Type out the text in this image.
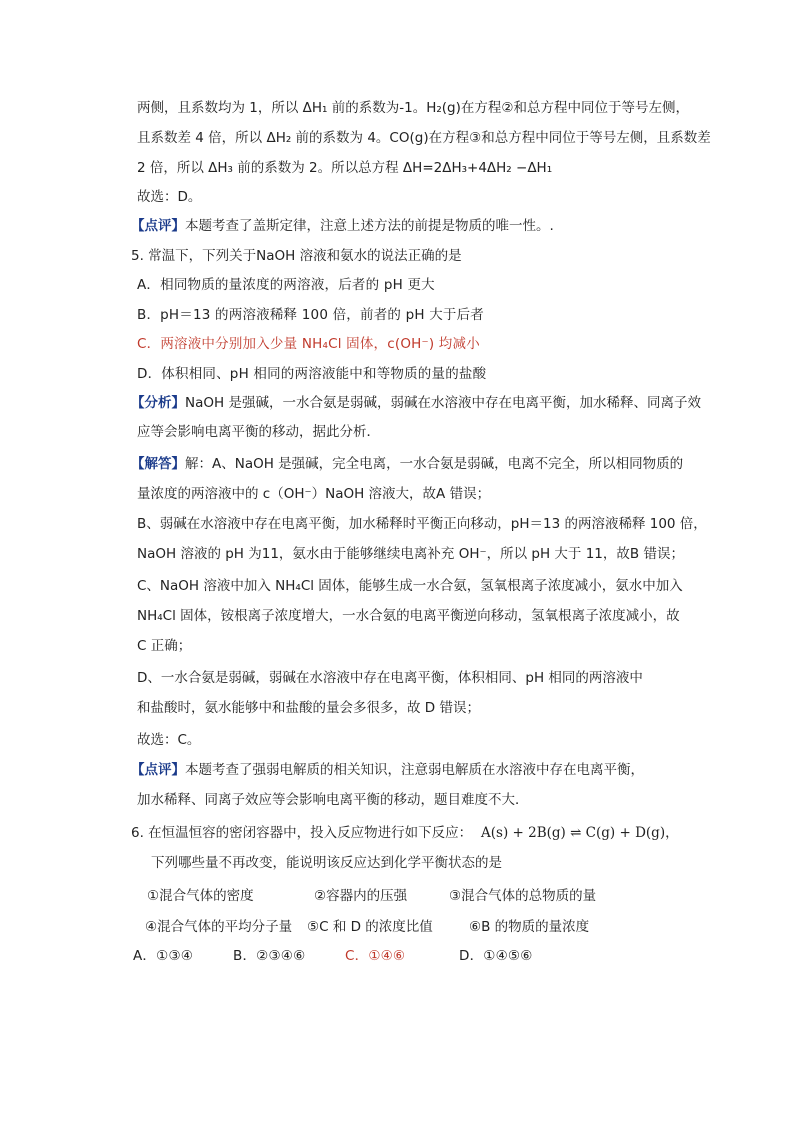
两侧，且系数均为 1，所以 ΔH₁ 前的系数为-1。H₂(g)在方程②和总方程中同位于等号左侧，
且系数差 4 倍，所以 ΔH₂ 前的系数为 4。CO(g)在方程③和总方程中同位于等号左侧，且系数差
2 倍，所以 ΔH₃ 前的系数为 2。所以总方程 ΔH=2ΔH₃+4ΔH₂ −ΔH₁
故选：D。
【点评】本题考查了盖斯定律，注意上述方法的前提是物质的唯一性。.
5. 常温下，下列关于NaOH 溶液和氨水的说法正确的是
A．相同物质的量浓度的两溶液，后者的 pH 更大
B．pH＝13 的两溶液稀释 100 倍，前者的 pH 大于后者
C．两溶液中分别加入少量 NH₄Cl 固体，c(OH⁻) 均减小
D．体积相同、pH 相同的两溶液能中和等物质的量的盐酸
【分析】NaOH 是强碱，一水合氨是弱碱，弱碱在水溶液中存在电离平衡，加水稀释、同离子效
应等会影响电离平衡的移动，据此分析．
【解答】解：A、NaOH 是强碱，完全电离，一水合氨是弱碱，电离不完全，所以相同物质的
量浓度的两溶液中的 c（OH⁻）NaOH 溶液大，故A 错误；
B、弱碱在水溶液中存在电离平衡，加水稀释时平衡正向移动，pH＝13 的两溶液稀释 100 倍，
NaOH 溶液的 pH 为11，氨水由于能够继续电离补充 OH⁻，所以 pH 大于 11，故B 错误；
C、NaOH 溶液中加入 NH₄Cl 固体，能够生成一水合氨，氢氧根离子浓度减小，氨水中加入
NH₄Cl 固体，铵根离子浓度增大，一水合氨的电离平衡逆向移动，氢氧根离子浓度减小，故
C 正确；
D、一水合氨是弱碱，弱碱在水溶液中存在电离平衡，体积相同、pH 相同的两溶液中
和盐酸时，氨水能够中和盐酸的量会多很多，故 D 错误；
故选：C。
【点评】本题考查了强弱电解质的相关知识，注意弱电解质在水溶液中存在电离平衡，
加水稀释、同离子效应等会影响电离平衡的移动，题目难度不大．
6. 在恒温恒容的密闭容器中，投入反应物进行如下反应： A(s) + 2B(g) ⇌ C(g) + D(g)，
下列哪些量不再改变，能说明该反应达到化学平衡状态的是
①混合气体的密度	②容器内的压强	③混合气体的总物质的量
④混合气体的平均分子量 ⑤C 和 D 的浓度比值	⑥B 的物质的量浓度
A．①③④	B．②③④⑥	C．①④⑥	D．①④⑤⑥
